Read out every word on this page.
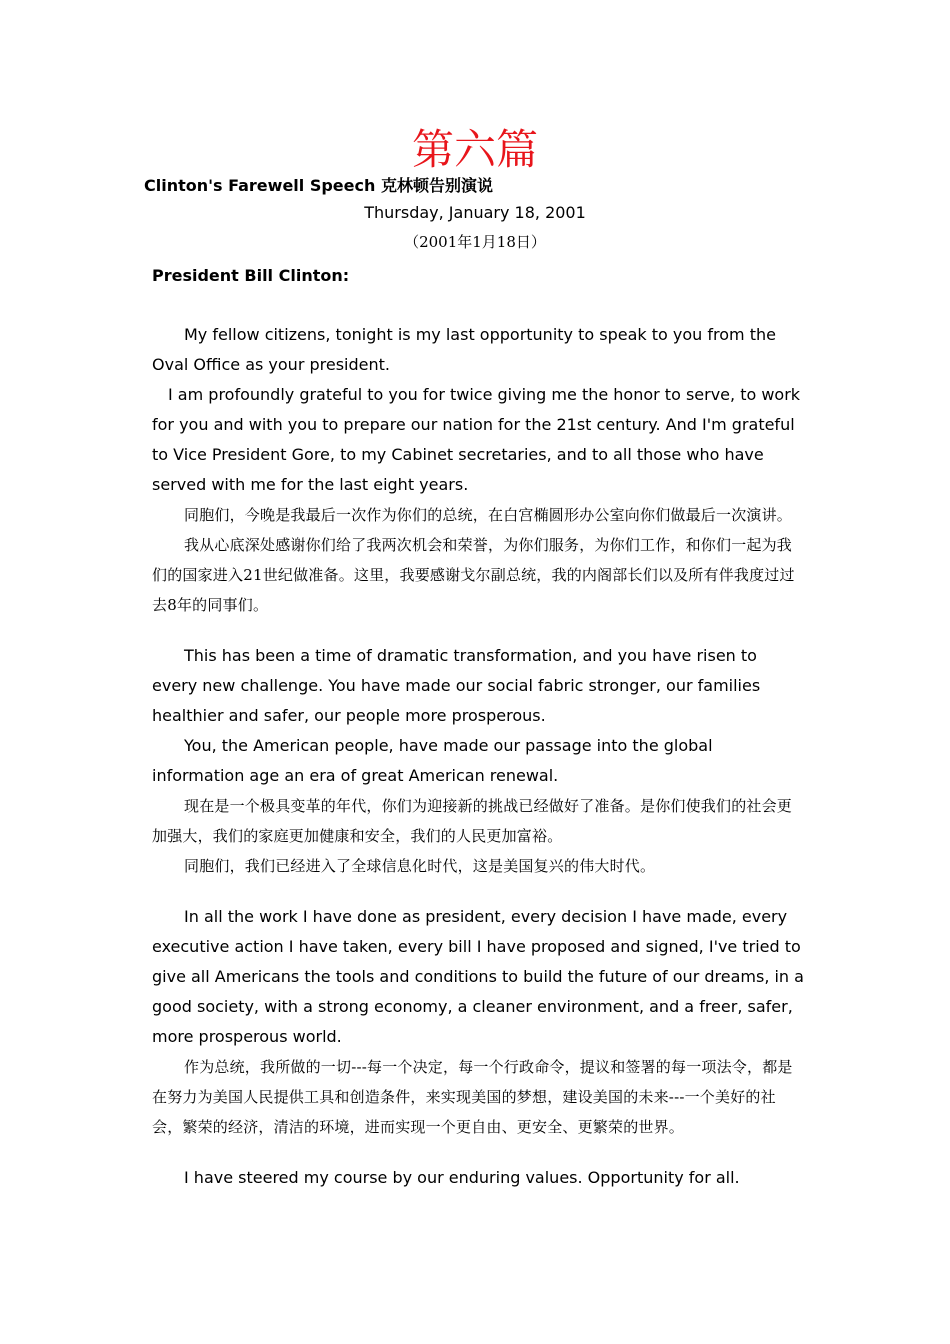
第六篇

Clinton's Farewell Speech 克林顿告别演说

Thursday, January 18, 2001

（2001年1月18日）

President Bill Clinton:

My fellow citizens, tonight is my last opportunity to speak to you from the Oval Office as your president.

I am profoundly grateful to you for twice giving me the honor to serve, to work for you and with you to prepare our nation for the 21st century. And I'm grateful to Vice President Gore, to my Cabinet secretaries, and to all those who have served with me for the last eight years.

同胞们，今晚是我最后一次作为你们的总统，在白宫椭圆形办公室向你们做最后一次演讲。

我从心底深处感谢你们给了我两次机会和荣誉，为你们服务，为你们工作，和你们一起为我们的国家进入21世纪做准备。这里，我要感谢戈尔副总统，我的内阁部长们以及所有伴我度过过去8年的同事们。

This has been a time of dramatic transformation, and you have risen to every new challenge. You have made our social fabric stronger, our families healthier and safer, our people more prosperous.

You, the American people, have made our passage into the global information age an era of great American renewal.

现在是一个极具变革的年代，你们为迎接新的挑战已经做好了准备。是你们使我们的社会更加强大，我们的家庭更加健康和安全，我们的人民更加富裕。

同胞们，我们已经进入了全球信息化时代，这是美国复兴的伟大时代。

In all the work I have done as president, every decision I have made, every executive action I have taken, every bill I have proposed and signed, I've tried to give all Americans the tools and conditions to build the future of our dreams, in a good society, with a strong economy, a cleaner environment, and a freer, safer, more prosperous world.

作为总统，我所做的一切---每一个决定，每一个行政命令，提议和签署的每一项法令，都是在努力为美国人民提供工具和创造条件，来实现美国的梦想，建设美国的未来---一个美好的社会，繁荣的经济，清洁的环境，进而实现一个更自由、更安全、更繁荣的世界。

I have steered my course by our enduring values. Opportunity for all.
